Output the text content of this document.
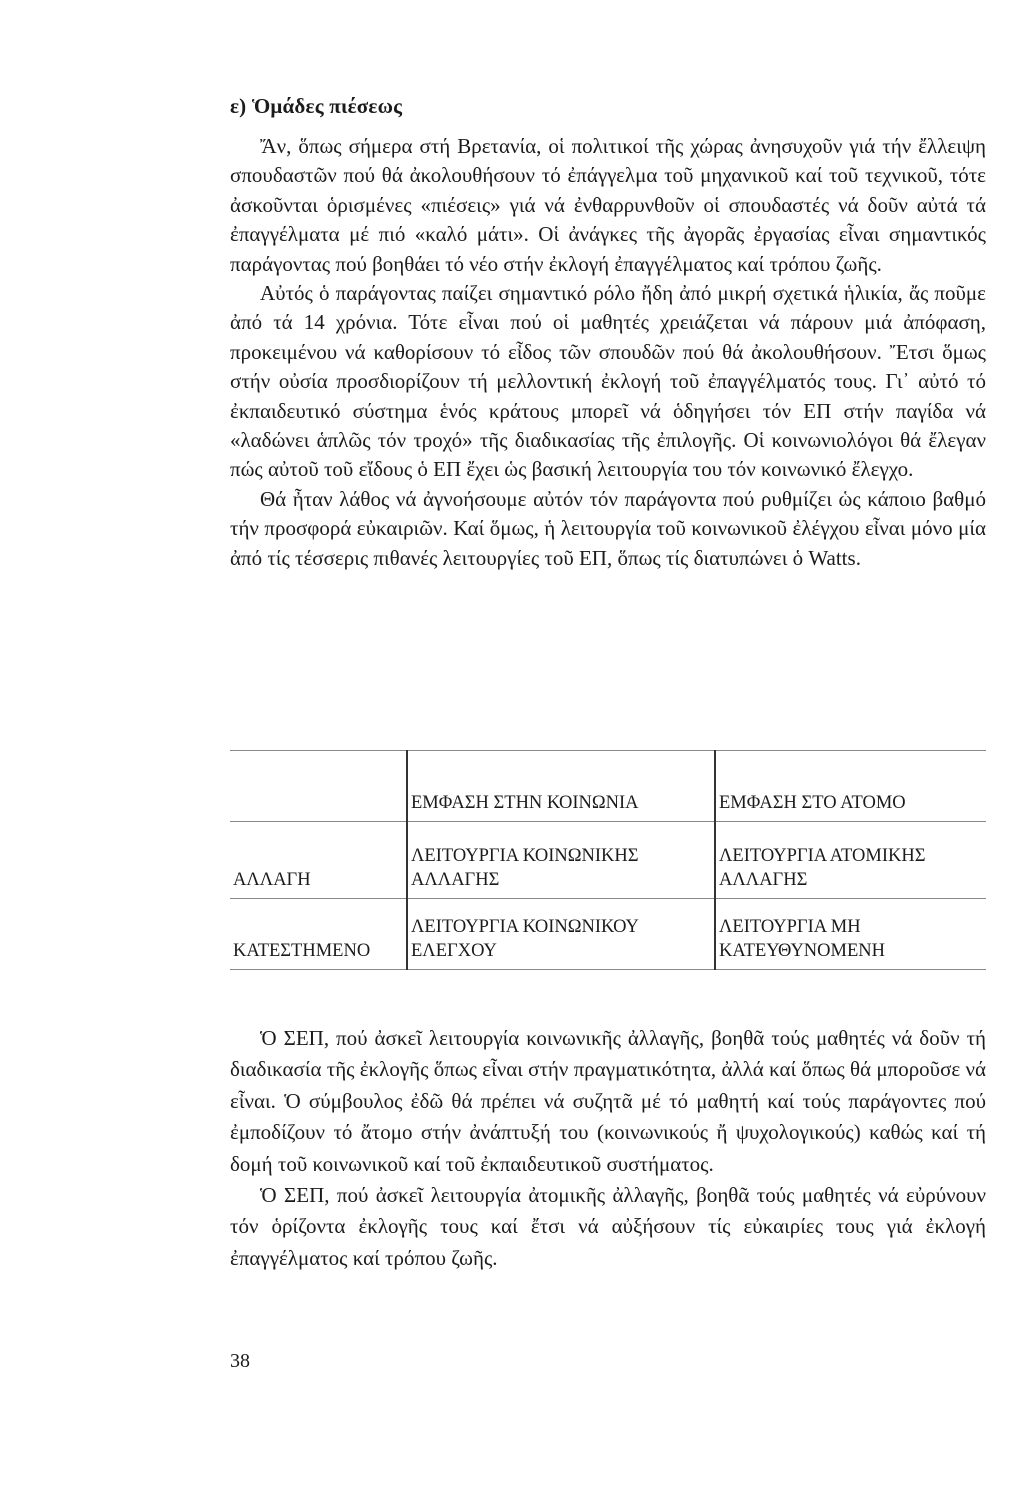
ε) Ὁμάδες πιέσεως

Ἄν, ὅπως σήμερα στή Βρετανία, οἱ πολιτικοί τῆς χώρας ἀνησυχοῦν γιά τήν ἔλλειψη σπουδαστῶν πού θά ἀκολουθήσουν τό ἐπάγγελμα τοῦ μηχανικοῦ καί τοῦ τεχνικοῦ, τότε ἀσκοῦνται ὁρισμένες «πιέσεις» γιά νά ἐνθαρρυνθοῦν οἱ σπουδαστές νά δοῦν αὐτά τά ἐπαγγέλματα μέ πιό «καλό μάτι». Οἱ ἀνάγκες τῆς ἀγορᾶς ἐργασίας εἶναι σημαντικός παράγοντας πού βοηθάει τό νέο στήν ἐκλογή ἐπαγγέλματος καί τρόπου ζωῆς.

Αὐτός ὁ παράγοντας παίζει σημαντικό ρόλο ἤδη ἀπό μικρή σχετικά ἡλικία, ἄς ποῦμε ἀπό τά 14 χρόνια. Τότε εἶναι πού οἱ μαθητές χρειάζεται νά πάρουν μιά ἀπόφαση, προκειμένου νά καθορίσουν τό εἶδος τῶν σπουδῶν πού θά ἀκολουθήσουν. Ἔτσι ὅμως στήν οὐσία προσδιορίζουν τή μελλοντική ἐκλογή τοῦ ἐπαγγέλματός τους. Γι᾿ αὐτό τό ἐκπαιδευτικό σύστημα ἑνός κράτους μπορεῖ νά ὁδηγήσει τόν ΕΠ στήν παγίδα νά «λαδώνει ἁπλῶς τόν τροχό» τῆς διαδικασίας τῆς ἐπιλογῆς. Οἱ κοινωνιολόγοι θά ἔλεγαν πώς αὐτοῦ τοῦ εἴδους ὁ ΕΠ ἔχει ὡς βασική λειτουργία του τόν κοινωνικό ἔλεγχο.

Θά ἦταν λάθος νά ἀγνοήσουμε αὐτόν τόν παράγοντα πού ρυθμίζει ὡς κάποιο βαθμό τήν προσφορά εὐκαιριῶν. Καί ὅμως, ἡ λειτουργία τοῦ κοινωνικοῦ ἐλέγχου εἶναι μόνο μία ἀπό τίς τέσσερις πιθανές λειτουργίες τοῦ ΕΠ, ὅπως τίς διατυπώνει ὁ Watts.

	ΕΜΦΑΣΗ ΣΤΗΝ ΚΟΙΝΩΝΙΑ	ΕΜΦΑΣΗ ΣΤΟ ΑΤΟΜΟ
ΑΛΛΑΓΗ	ΛΕΙΤΟΥΡΓΙΑ ΚΟΙΝΩΝΙΚΗΣ ΑΛΛΑΓΗΣ	ΛΕΙΤΟΥΡΓΙΑ ΑΤΟΜΙΚΗΣ ΑΛΛΑΓΗΣ
ΚΑΤΕΣΤΗΜΕΝΟ	ΛΕΙΤΟΥΡΓΙΑ ΚΟΙΝΩΝΙΚΟΥ ΕΛΕΓΧΟΥ	ΛΕΙΤΟΥΡΓΙΑ ΜΗ ΚΑΤΕΥΘΥΝΟΜΕΝΗ

Ὁ ΣΕΠ, πού ἀσκεῖ λειτουργία κοινωνικῆς ἀλλαγῆς, βοηθᾶ τούς μαθητές νά δοῦν τή διαδικασία τῆς ἐκλογῆς ὅπως εἶναι στήν πραγματικότητα, ἀλλά καί ὅπως θά μποροῦσε νά εἶναι. Ὁ σύμβουλος ἐδῶ θά πρέπει νά συζητᾶ μέ τό μαθητή καί τούς παράγοντες πού ἐμποδίζουν τό ἄτομο στήν ἀνάπτυξή του (κοινωνικούς ἤ ψυχολογικούς) καθώς καί τή δομή τοῦ κοινωνικοῦ καί τοῦ ἐκπαιδευτικοῦ συστήματος.

Ὁ ΣΕΠ, πού ἀσκεῖ λειτουργία ἀτομικῆς ἀλλαγῆς, βοηθᾶ τούς μαθητές νά εὐρύνουν τόν ὁρίζοντα ἐκλογῆς τους καί ἔτσι νά αὐξήσουν τίς εὐκαιρίες τους γιά ἐκλογή ἐπαγγέλματος καί τρόπου ζωῆς.

38
